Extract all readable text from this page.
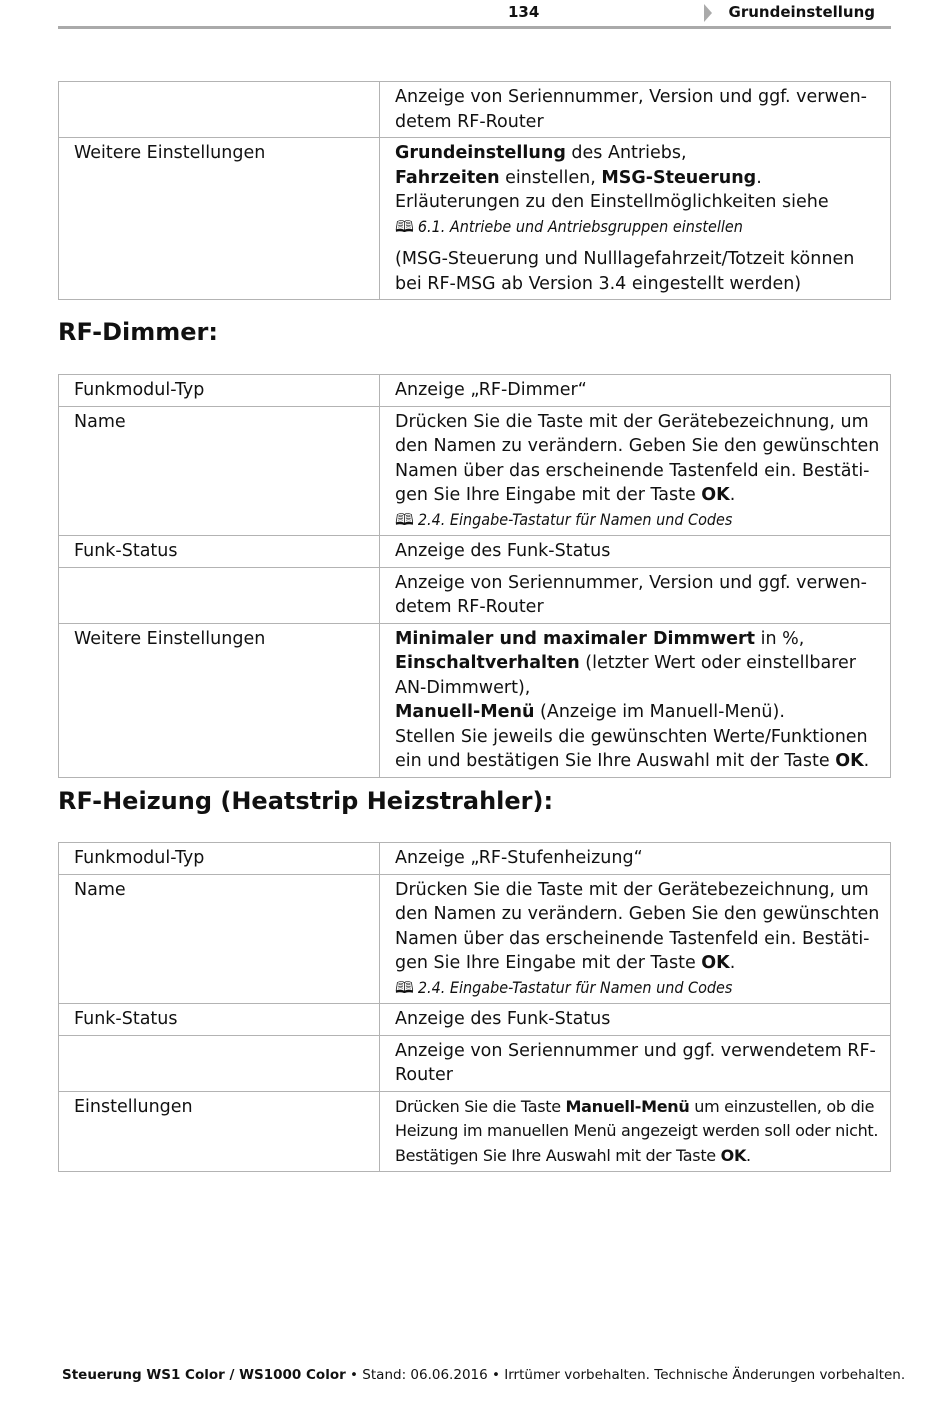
134	Grundeinstellung
	Anzeige von Seriennummer, Version und ggf. verwen-detem RF-Router
Weitere Einstellungen	Grundeinstellung des Antriebs,
Fahrzeiten einstellen, MSG-Steuerung.
Erläuterungen zu den Einstellmöglichkeiten siehe
🕮 6.1. Antriebe und Antriebsgruppen einstellen
(MSG-Steuerung und Nulllagefahrzeit/Totzeit können bei RF-MSG ab Version 3.4 eingestellt werden)
RF-Dimmer:
Funkmodul-Typ	Anzeige „RF-Dimmer“
Name	Drücken Sie die Taste mit der Gerätebezeichnung, um den Namen zu verändern. Geben Sie den gewünschten Namen über das erscheinende Tastenfeld ein. Bestäti-gen Sie Ihre Eingabe mit der Taste OK.
🕮 2.4. Eingabe-Tastatur für Namen und Codes
Funk-Status	Anzeige des Funk-Status
	Anzeige von Seriennummer, Version und ggf. verwen-detem RF-Router
Weitere Einstellungen	Minimaler und maximaler Dimmwert in %,
Einschaltverhalten (letzter Wert oder einstellbarer AN-Dimmwert),
Manuell-Menü (Anzeige im Manuell-Menü).
Stellen Sie jeweils die gewünschten Werte/Funktionen ein und bestätigen Sie Ihre Auswahl mit der Taste OK.
RF-Heizung (Heatstrip Heizstrahler):
Funkmodul-Typ	Anzeige „RF-Stufenheizung“
Name	Drücken Sie die Taste mit der Gerätebezeichnung, um den Namen zu verändern. Geben Sie den gewünschten Namen über das erscheinende Tastenfeld ein. Bestäti-gen Sie Ihre Eingabe mit der Taste OK.
🕮 2.4. Eingabe-Tastatur für Namen und Codes
Funk-Status	Anzeige des Funk-Status
	Anzeige von Seriennummer und ggf. verwendetem RF-Router
Einstellungen	Drücken Sie die Taste Manuell-Menü um einzustellen, ob die Heizung im manuellen Menü angezeigt werden soll oder nicht. Bestätigen Sie Ihre Auswahl mit der Taste OK.
Steuerung WS1 Color / WS1000 Color • Stand: 06.06.2016 • Irrtümer vorbehalten. Technische Änderungen vorbehalten.
